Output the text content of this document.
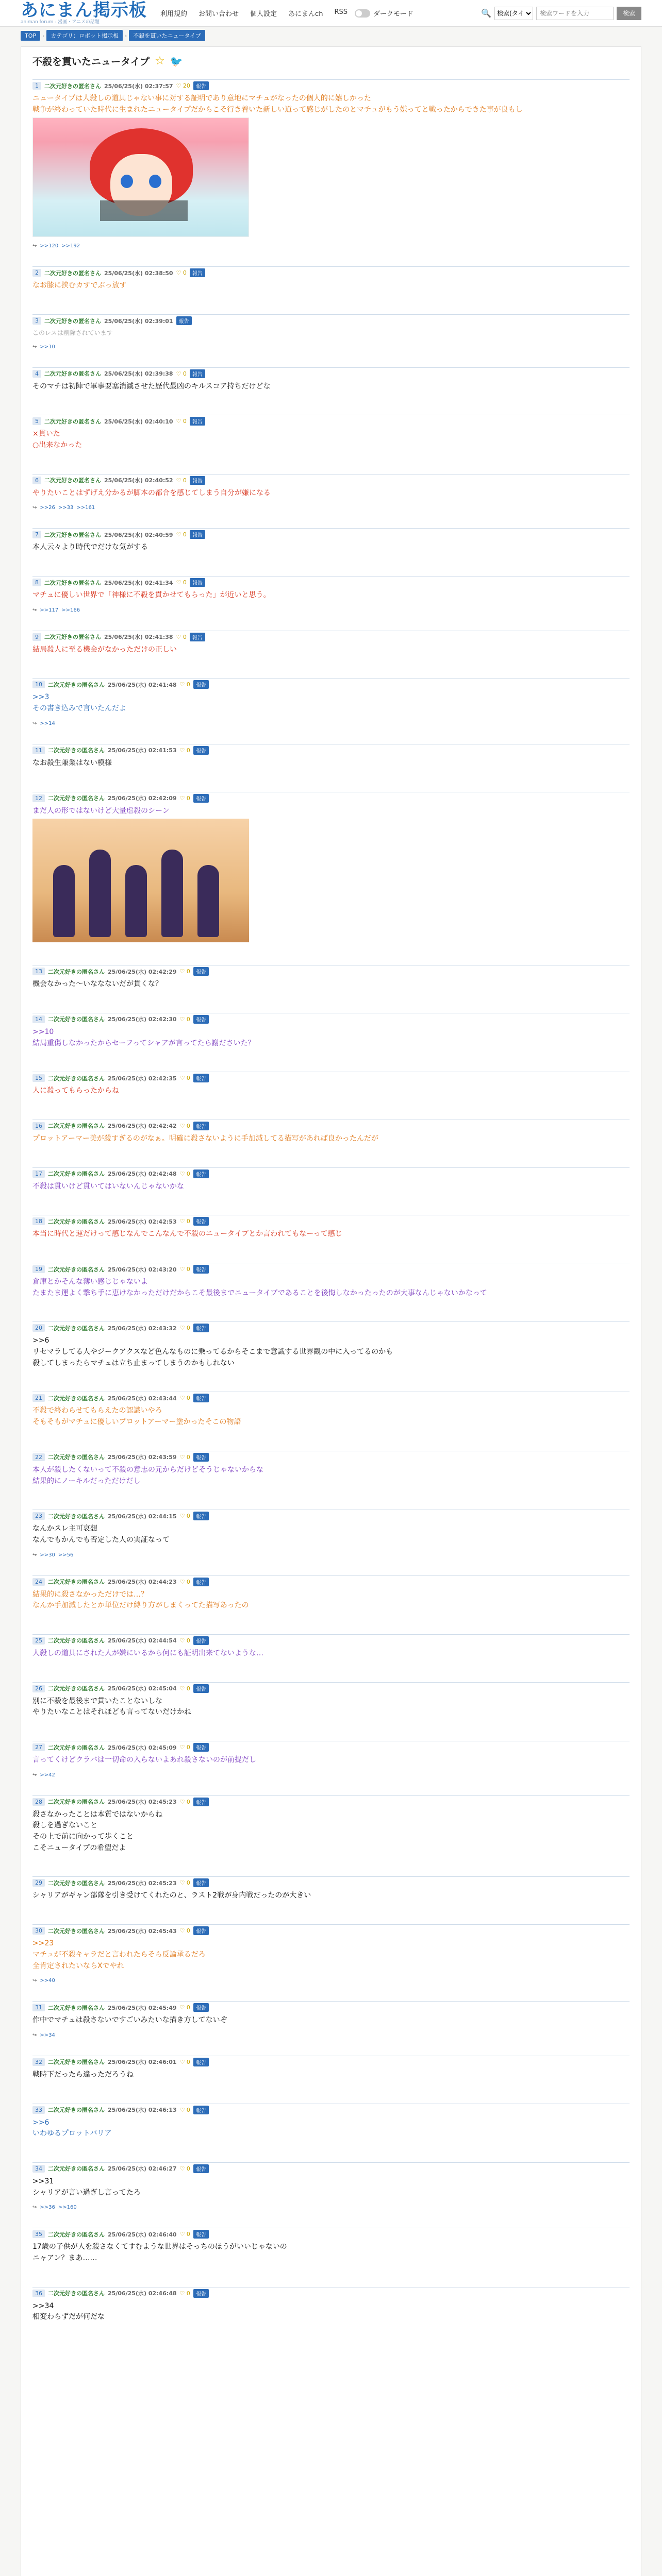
あにまん掲示板
animan forum - 漫画・アニメの話題
利用規約 お問い合わせ 個人設定 あにまんch RSS	ダークモード	🔍
検索(タイ
検索ワードを入力	検索
TOP	›	カテゴリ：ロボット掲示板	›	不殺を貫いたニュータイプ
不殺を貫いたニュータイプ ☆ 🐦
1	二次元好きの匿名さん 25/06/25(水) 02:37:57 ♡ 20	報告
ニュータイプは人殺しの道具じゃない事に対する証明であり意地にマチュがなったの個人的に嬉しかった
戦争が終わっていた時代に生まれたニュータイプだからこそ行き着いた新しい道って感じがしたのとマチュがもう嫌ってと戦ったからできた事が良もし
↪ >>120 >>192
2	二次元好きの匿名さん 25/06/25(水) 02:38:50 ♡ 0	報告
なお膝に挟むカすでぶっ放す
3	二次元好きの匿名さん 25/06/25(水) 02:39:01	報告
このレスは削除されています
↪ >>10
4	二次元好きの匿名さん 25/06/25(水) 02:39:38 ♡ 0	報告
そのマチは初陣で軍事要塞消滅させた歴代最凶のキルスコア持ちだけどな
5	二次元好きの匿名さん 25/06/25(水) 02:40:10 ♡ 0	報告
×貫いた
○出来なかった
6	二次元好きの匿名さん 25/06/25(水) 02:40:52 ♡ 0	報告
やりたいことはずげえ分かるが脚本の都合を感じてしまう自分が嫌になる
↪ >>26 >>33 >>161
7	二次元好きの匿名さん 25/06/25(水) 02:40:59 ♡ 0	報告
本人云々より時代でだけな気がする
8	二次元好きの匿名さん 25/06/25(水) 02:41:34 ♡ 0	報告
マチュに優しい世界で「神様に不殺を貫かせてもらった」が近いと思う。
↪ >>117 >>166
9	二次元好きの匿名さん 25/06/25(水) 02:41:38 ♡ 0	報告
結局殺人に至る機会がなかっただけの正しい
10	二次元好きの匿名さん 25/06/25(水) 02:41:48 ♡ 0	報告
>>3
その書き込みで言いたんだよ
↪ >>14
11	二次元好きの匿名さん 25/06/25(水) 02:41:53 ♡ 0	報告
なお殺生兼業はない模様
12	二次元好きの匿名さん 25/06/25(水) 02:42:09 ♡ 0	報告
まだ人の形ではないけど大量虐殺のシーン
13	二次元好きの匿名さん 25/06/25(水) 02:42:29 ♡ 0	報告
機会なかった〜いななないだが貫くな？
14	二次元好きの匿名さん 25/06/25(水) 02:42:30 ♡ 0	報告
>>10
結局重傷しなかったからセーフってシャアが言ってたら謝ださいた？
15	二次元好きの匿名さん 25/06/25(水) 02:42:35 ♡ 0	報告
人に殺ってもらったからね
16	二次元好きの匿名さん 25/06/25(水) 02:42:42 ♡ 0	報告
プロットアーマー美が殺すぎるのがなぁ。明確に殺さないように手加減してる描写があれば良かったんだが
17	二次元好きの匿名さん 25/06/25(水) 02:42:48 ♡ 0	報告
不殺は貫いけど貫いてはいないんじゃないかな
18	二次元好きの匿名さん 25/06/25(水) 02:42:53 ♡ 0	報告
本当に時代と運だけって感じなんでこんなんで不殺のニュータイプとか言われてもなーって感じ
19	二次元好きの匿名さん 25/06/25(水) 02:43:20 ♡ 0	報告
倉庫とかそんな薄い感じじゃないよ
たまたま運よく撃ち手に恵けなかっただけだからこそ最後までニュータイプであることを後悔しなかったったのが大事なんじゃないかなって
20	二次元好きの匿名さん 25/06/25(水) 02:43:32 ♡ 0	報告
>>6
リセマラしてる人やジークアクスなど色んなものに乗ってるからそこまで意識する世界観の中に入ってるのかも
殺してしまったらマチュは立ち止まってしまうのかもしれない
21	二次元好きの匿名さん 25/06/25(水) 02:43:44 ♡ 0	報告
不殺で終わらせてもらえたの認識いやろ
そもそもがマチュに優しいプロットアーマー塗かったそこの物語
22	二次元好きの匿名さん 25/06/25(水) 02:43:59 ♡ 0	報告
本人が殺したくないって不殺の意志の元からだけどそうじゃないからな
結果的にノーキルだっただけだし
23	二次元好きの匿名さん 25/06/25(水) 02:44:15 ♡ 0	報告
なんかスレ主可哀想
なんでもかんでも否定した人の実証なって
↪ >>30 >>56
24	二次元好きの匿名さん 25/06/25(水) 02:44:23 ♡ 0	報告
結果的に殺さなかっただけでは…？
なんか手加減したとか単位だけ縛り方がしまくってた描写あったの
25	二次元好きの匿名さん 25/06/25(水) 02:44:54 ♡ 0	報告
人殺しの道具にされた人が嫌にいるから何にも証明出来てないような…
26	二次元好きの匿名さん 25/06/25(水) 02:45:04 ♡ 0	報告
別に不殺を最後まで貫いたことないしな
やりたいなことはそれほども言ってないだけかね
27	二次元好きの匿名さん 25/06/25(水) 02:45:09 ♡ 0	報告
言ってくけどクラバは一切命の入らないよあれ殺さないのが前提だし
↪ >>42
28	二次元好きの匿名さん 25/06/25(水) 02:45:23 ♡ 0	報告
殺さなかったことは本質ではないからね
殺しを過ぎないこと
その上で前に向かって歩くこと
こそニュータイプの希望だよ
29	二次元好きの匿名さん 25/06/25(水) 02:45:23 ♡ 0	報告
シャリアがギャン部隊を引き受けてくれたのと、ラスト2戦が身内戦だったのが大きい
30	二次元好きの匿名さん 25/06/25(水) 02:45:43 ♡ 0	報告
>>23
マチュが不殺キャラだと言われたらそら反論承るだろ
全肯定されたいならXでやれ
↪ >>40
31	二次元好きの匿名さん 25/06/25(水) 02:45:49 ♡ 0	報告
作中でマチュは殺さないですごいみたいな描き方してないぞ
↪ >>34
32	二次元好きの匿名さん 25/06/25(水) 02:46:01 ♡ 0	報告
戦時下だったら違っただろうね
33	二次元好きの匿名さん 25/06/25(水) 02:46:13 ♡ 0	報告
>>6
いわゆるプロットバリア
34	二次元好きの匿名さん 25/06/25(水) 02:46:27 ♡ 0	報告
>>31
シャリアが言い過ぎし言ってたろ
↪ >>36 >>160
35	二次元好きの匿名さん 25/06/25(水) 02:46:40 ♡ 0	報告
17歳の子供が人を殺さなくてすむような世界はそっちのほうがいいじゃないの
ニャアン？まあ……
36	二次元好きの匿名さん 25/06/25(水) 02:46:48 ♡ 0	報告
>>34
相変わらずだが何だな
